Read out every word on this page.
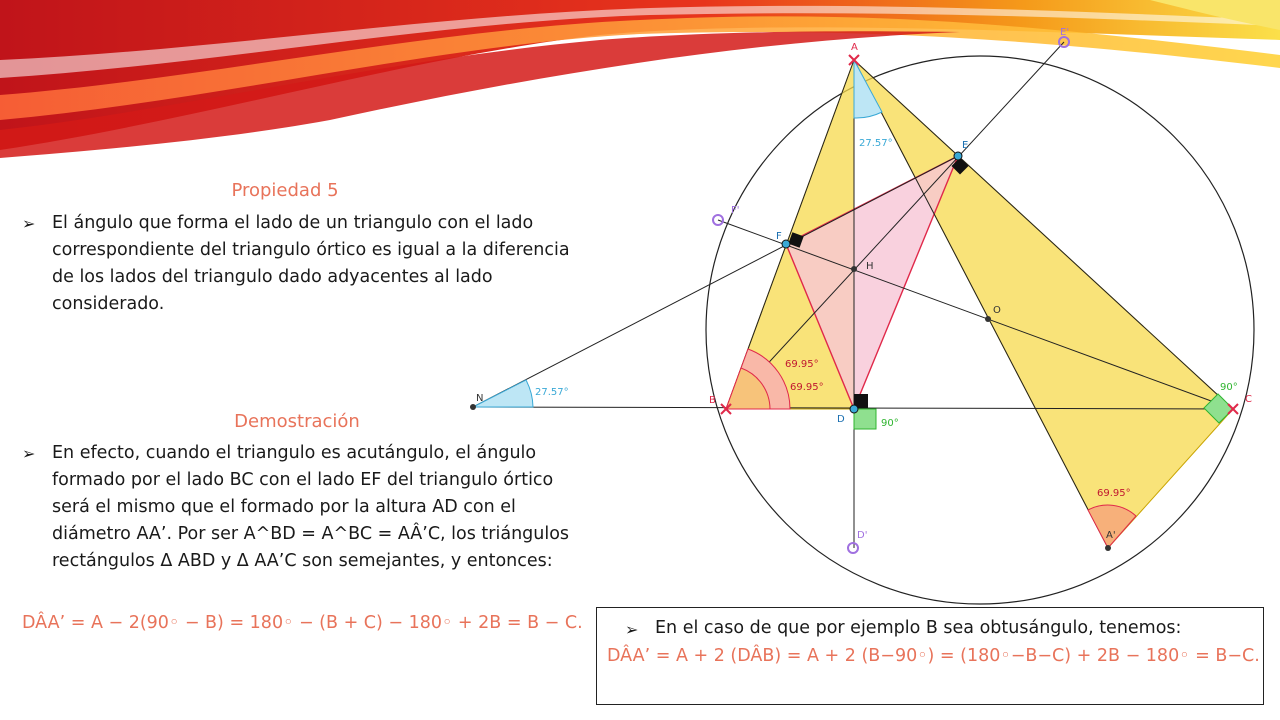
Propiedad 5
➢ El ángulo que forma el lado de un triangulo con el lado correspondiente del triangulo órtico es igual a la diferencia de los lados del triangulo dado adyacentes al lado considerado.
Demostración
➢ En efecto, cuando el triangulo es acutángulo, el ángulo formado por el lado BC con el lado EF del triangulo órtico será el mismo que el formado por la altura AD con el diámetro AA’. Por ser A^BD = A^BC = AÂ’C, los triángulos rectángulos Δ ABD y Δ AA’C son semejantes, y entonces:
DÂA’ = A − 2(90◦ − B) = 180◦ − (B + C) − 180◦ + 2B = B − C.	➢ En el caso de que por ejemplo B sea obtusángulo, tenemos:
DÂA’ = A + 2 (DÂB) = A + 2 (B−90◦) = (180◦−B−C) + 2B − 180◦ = B−C.
27.57°
27.57°
69.95°
69.95°
69.95°
90°
90°
A
B	C
D
E
F
H
O
N
A'
D'
E'
F'
